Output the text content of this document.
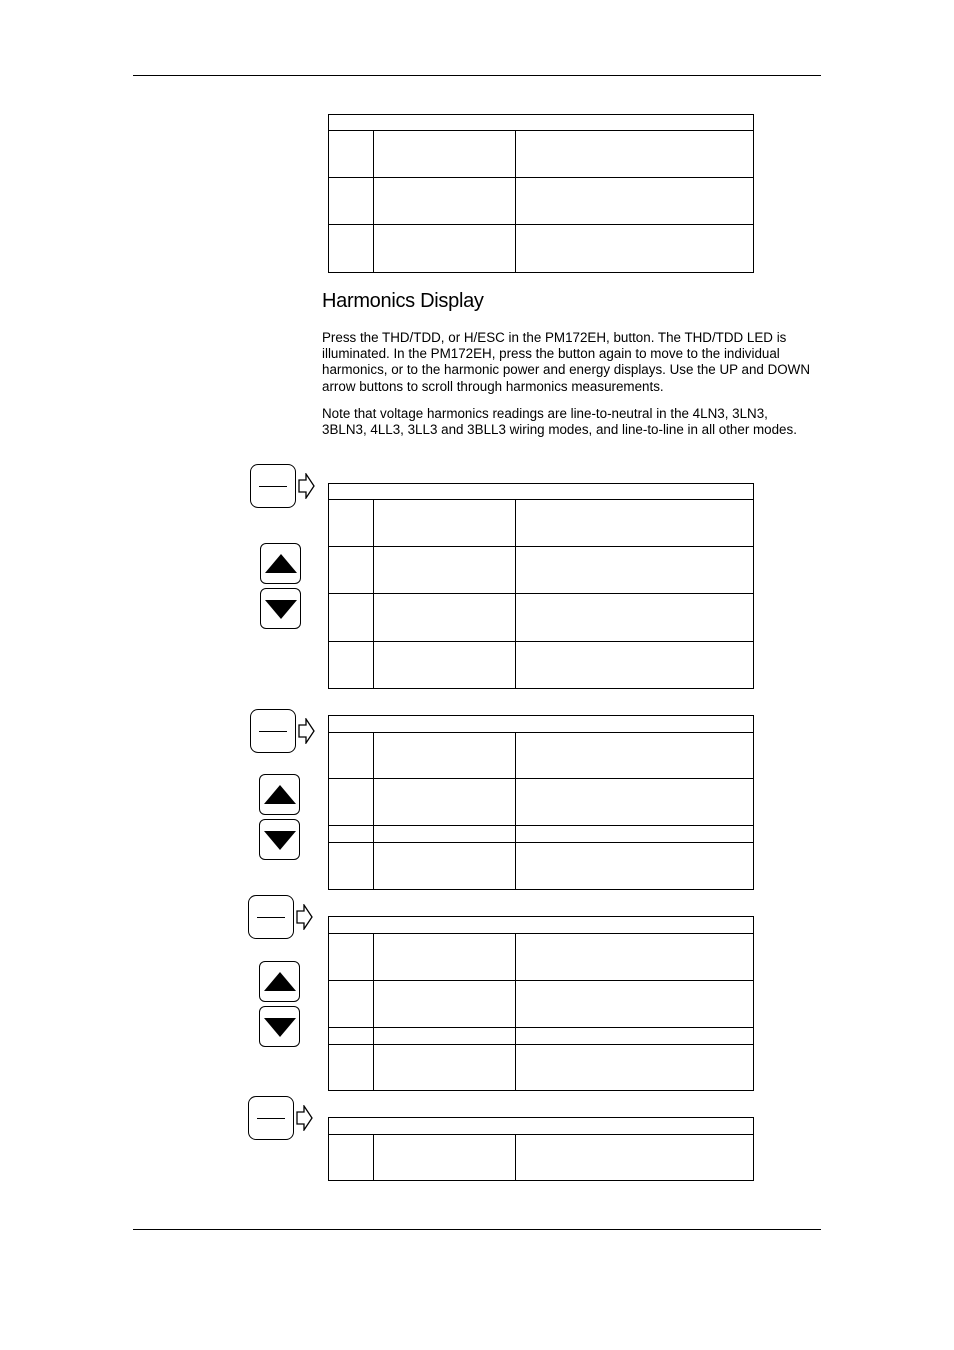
Harmonics Display

Press the THD/TDD, or H/ESC in the PM172EH, button. The THD/TDD LED is illuminated. In the PM172EH, press the button again to move to the individual harmonics, or to the harmonic power and energy displays. Use the UP and DOWN arrow buttons to scroll through harmonics measurements.

Note that voltage harmonics readings are line-to-neutral in the 4LN3, 3LN3, 3BLN3, 4LL3, 3LL3 and 3BLL3 wiring modes, and line-to-line in all other modes.
